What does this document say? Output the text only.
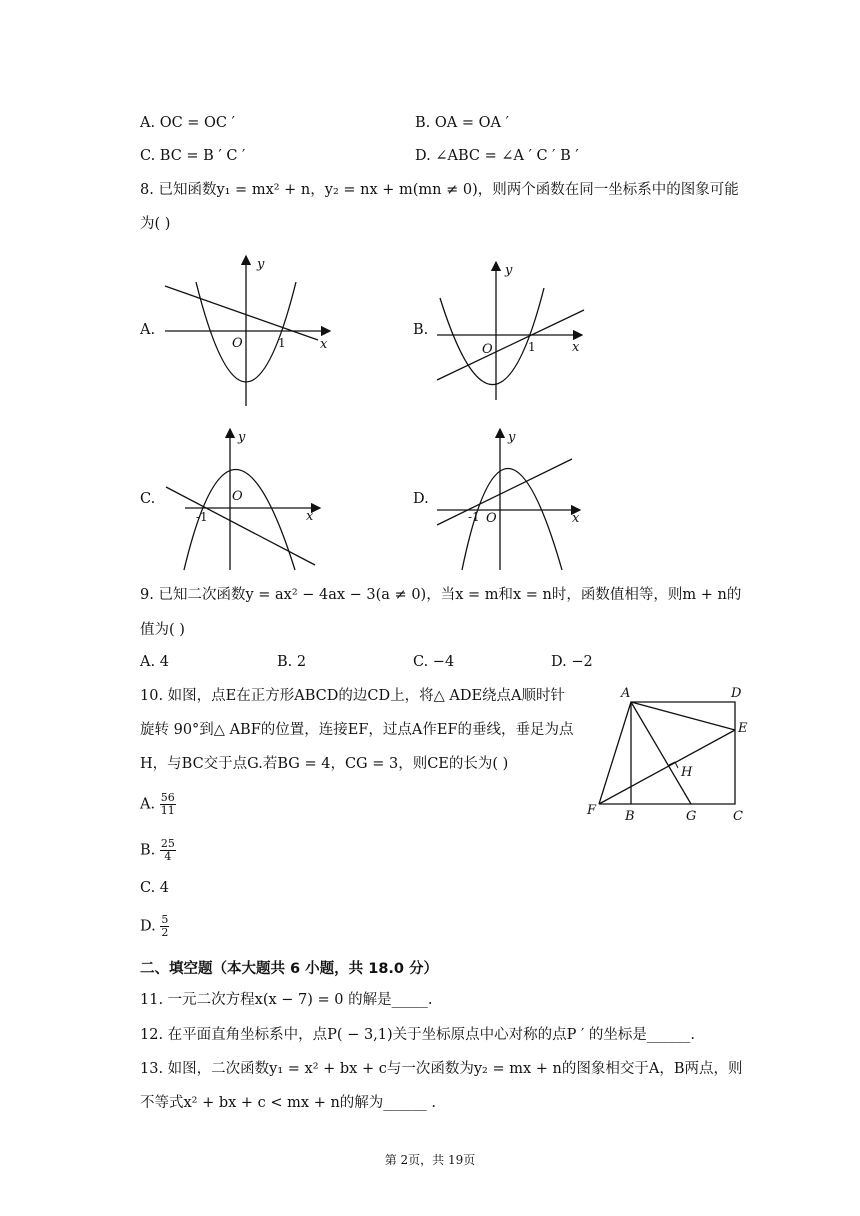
A. OC = OC ′	B. OA = OA ′
C. BC = B ′ C ′	D. ∠ABC = ∠A ′ C ′ B ′
8. 已知函数y₁ = mx² + n，y₂ = nx + m(mn ≠ 0)，则两个函数在同一坐标系中的图象可能
为( )
A.	B.
C.	D.
y
x
O	1
y
x
O	1
y
x
O
-1
y
x
O
-1
9. 已知二次函数y = ax² − 4ax − 3(a ≠ 0)，当x = m和x = n时，函数值相等，则m + n的
值为( )
A. 4	B. 2	C. −4	D. −2
10. 如图，点E在正方形ABCD的边CD上，将△ ADE绕点A顺时针
旋转 90°到△ ABF的位置，连接EF，过点A作EF的垂线，垂足为点
H，与BC交于点G.若BG = 4，CG = 3，则CE的长为( )
A. $\frac{56}{11}$
B. $\frac{25}{4}$
C. 4
D. $\frac{5}{2}$
A	D
E
H
F B	G	C
二、填空题（本大题共 6 小题，共 18.0 分）
11. 一元二次方程x(x − 7) = 0 的解是_____.
12. 在平面直角坐标系中，点P( − 3,1)关于坐标原点中心对称的点P ′ 的坐标是______.
13. 如图，二次函数y₁ = x² + bx + c与一次函数为y₂ = mx + n的图象相交于A，B两点，则
不等式x² + bx + c < mx + n的解为______ .
第 2页，共 19页
